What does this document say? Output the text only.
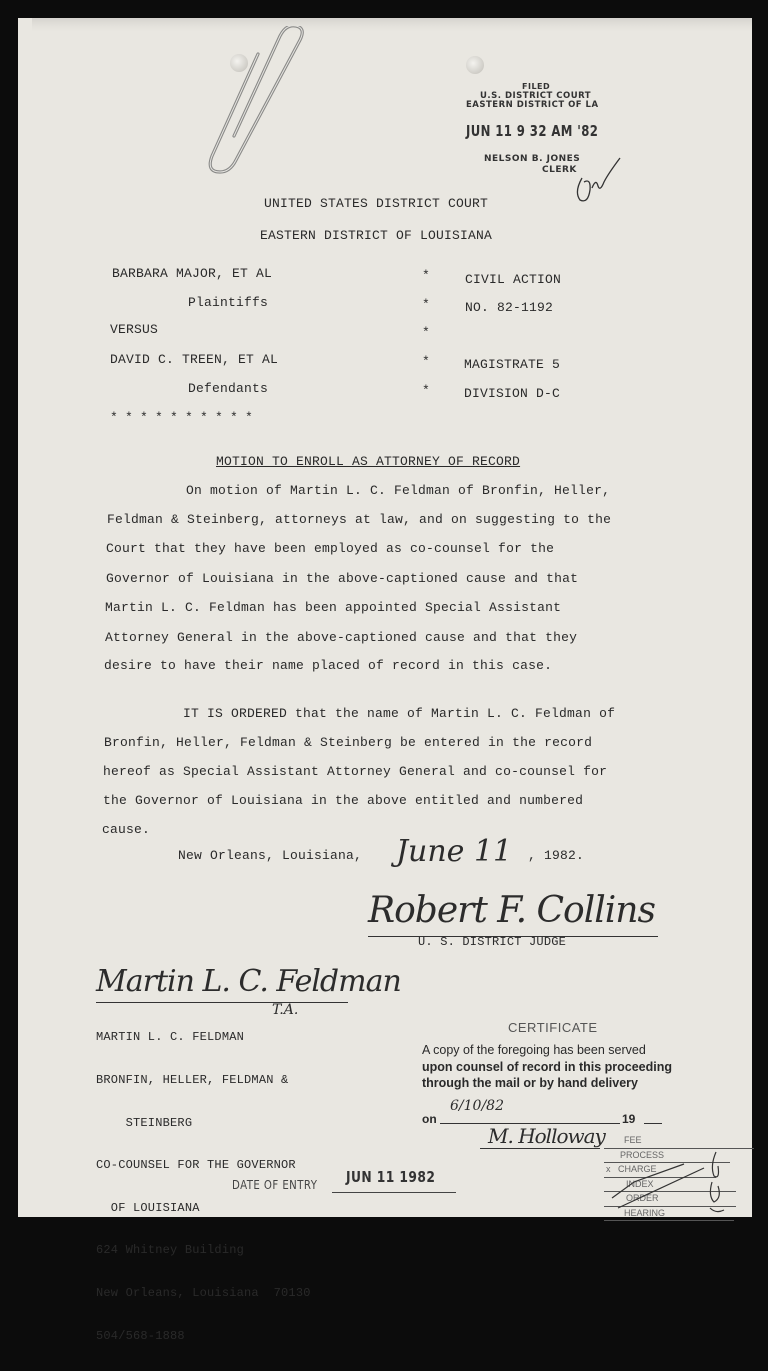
FILED
U.S. DISTRICT COURT
EASTERN DISTRICT OF LA
JUN 11 9 32 AM '82
NELSON B. JONES
CLERK
UNITED STATES DISTRICT COURT
EASTERN DISTRICT OF LOUISIANA
BARBARA MAJOR, ET AL
Plaintiffs
VERSUS
DAVID C. TREEN, ET AL
Defendants
* * * * * * * * * *
*
*
*
*
*
CIVIL ACTION
NO. 82-1192
MAGISTRATE 5
DIVISION D-C
MOTION TO ENROLL AS ATTORNEY OF RECORD
On motion of Martin L. C. Feldman of Bronfin, Heller,
Feldman & Steinberg, attorneys at law, and on suggesting to the
Court that they have been employed as co-counsel for the
Governor of Louisiana in the above-captioned cause and that
Martin L. C. Feldman has been appointed Special Assistant
Attorney General in the above-captioned cause and that they
desire to have their name placed of record in this case.
IT IS ORDERED that the name of Martin L. C. Feldman of
Bronfin, Heller, Feldman & Steinberg be entered in the record
hereof as Special Assistant Attorney General and co-counsel for
the Governor of Louisiana in the above entitled and numbered
cause.
New Orleans, Louisiana, June 11 , 1982.
Robert F. Collins
U. S. DISTRICT JUDGE
Martin L. C. Feldman

MARTIN L. C. FELDMAN

BRONFIN, HELLER, FELDMAN &

STEINBERG

CO-COUNSEL FOR THE GOVERNOR

OF LOUISIANA

624 Whitney Building

New Orleans, Louisiana  70130

504/568-1888

T.A.
CERTIFICATE
A copy of the foregoing has been served
upon counsel of record in this proceeding
through the mail or by hand delivery
on
6/10/82
19
M. Holloway	FEE
PROCESS
x CHARGE
INDEX
ORDER
HEARING
DATE OF ENTRY JUN 11 1982
